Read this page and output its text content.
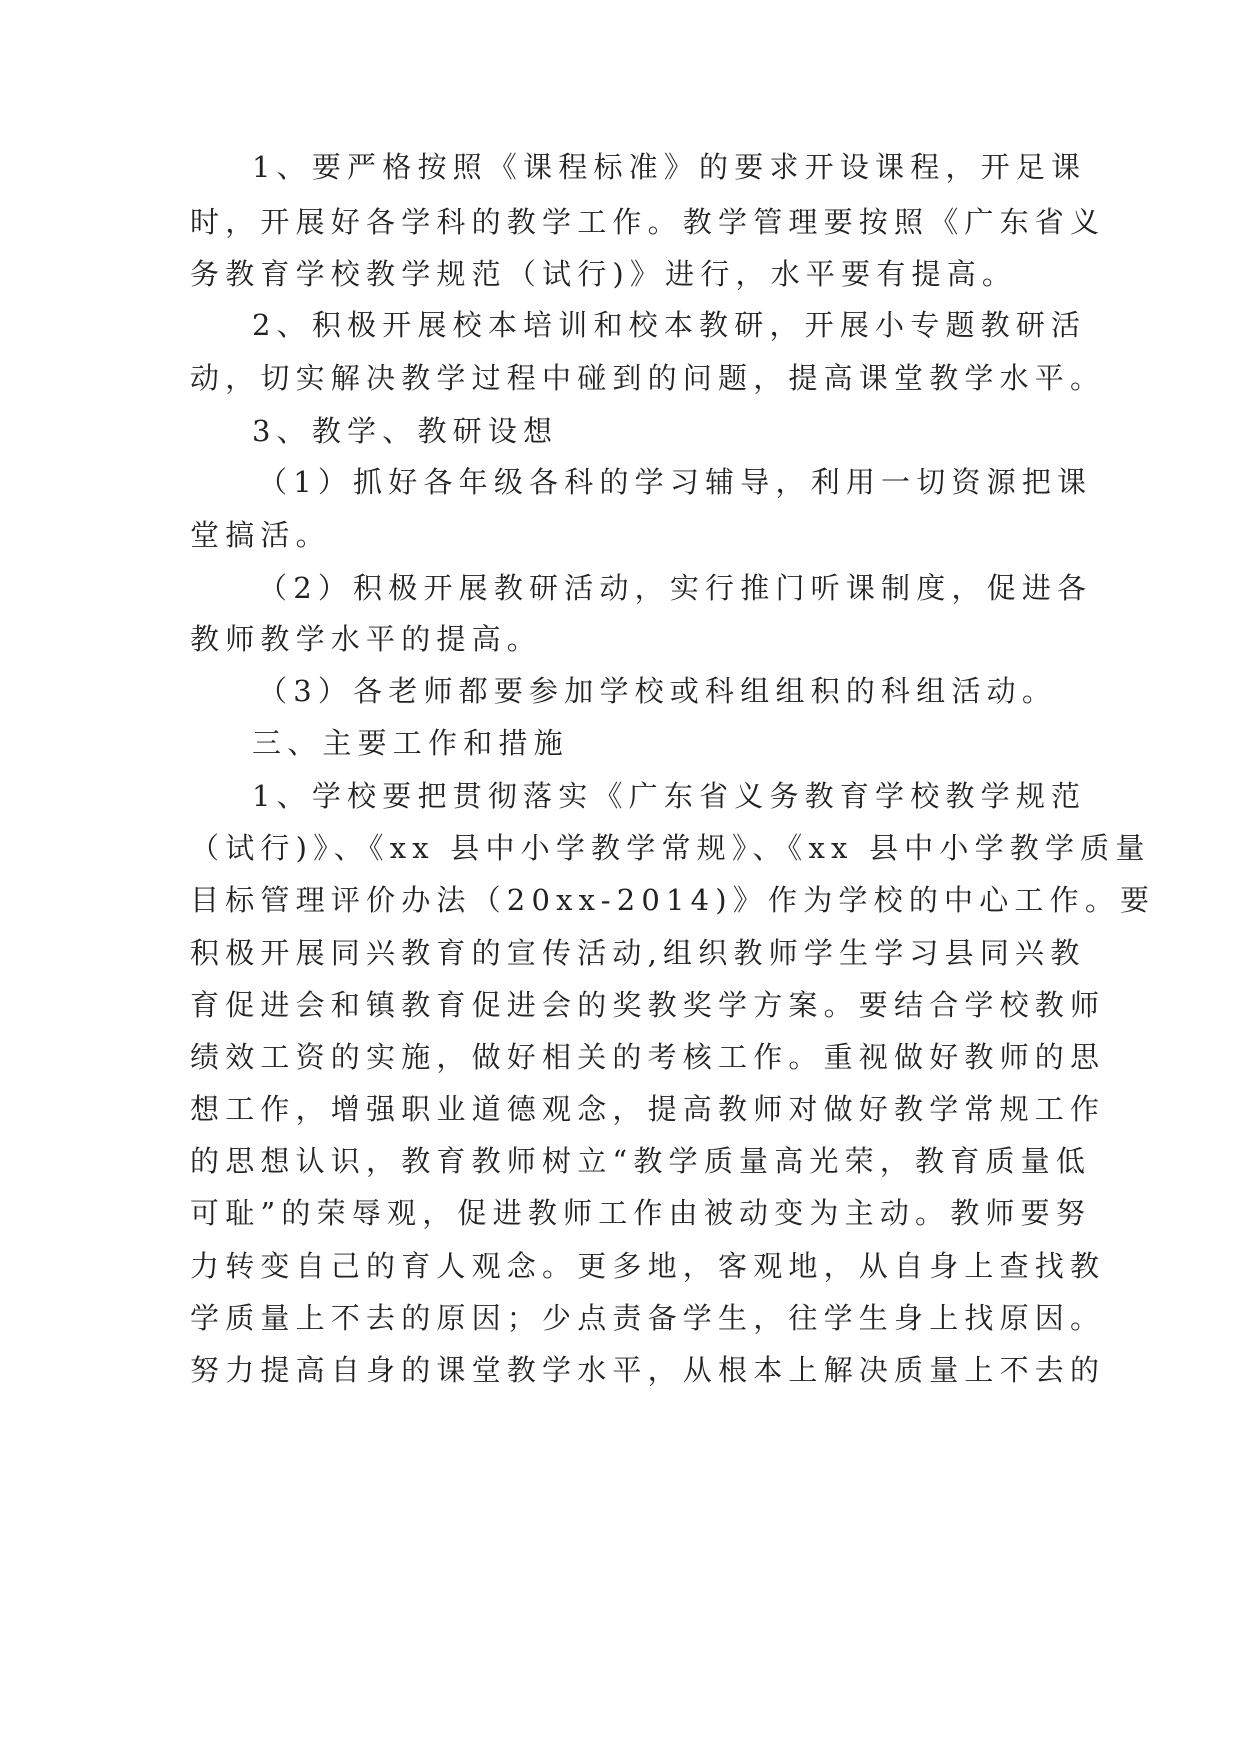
1、要严格按照《课程标准》的要求开设课程，开足课

时，开展好各学科的教学工作。教学管理要按照《广东省义

务教育学校教学规范（试行)》进行，水平要有提高。

2、积极开展校本培训和校本教研，开展小专题教研活

动，切实解决教学过程中碰到的问题，提高课堂教学水平。

3、教学、教研设想

（1）抓好各年级各科的学习辅导，利用一切资源把课

堂搞活。

（2）积极开展教研活动，实行推门听课制度，促进各

教师教学水平的提高。

（3）各老师都要参加学校或科组组积的科组活动。

三、主要工作和措施

1、学校要把贯彻落实《广东省义务教育学校教学规范

（试行)》、《xx 县中小学教学常规》、《xx 县中小学教学质量

目标管理评价办法（20xx-2014)》作为学校的中心工作。要

积极开展同兴教育的宣传活动,组织教师学生学习县同兴教

育促进会和镇教育促进会的奖教奖学方案。要结合学校教师

绩效工资的实施，做好相关的考核工作。重视做好教师的思

想工作，增强职业道德观念，提高教师对做好教学常规工作

的思想认识，教育教师树立“教学质量高光荣，教育质量低

可耻”的荣辱观，促进教师工作由被动变为主动。教师要努

力转变自己的育人观念。更多地，客观地，从自身上查找教

学质量上不去的原因；少点责备学生，往学生身上找原因。

努力提高自身的课堂教学水平，从根本上解决质量上不去的
